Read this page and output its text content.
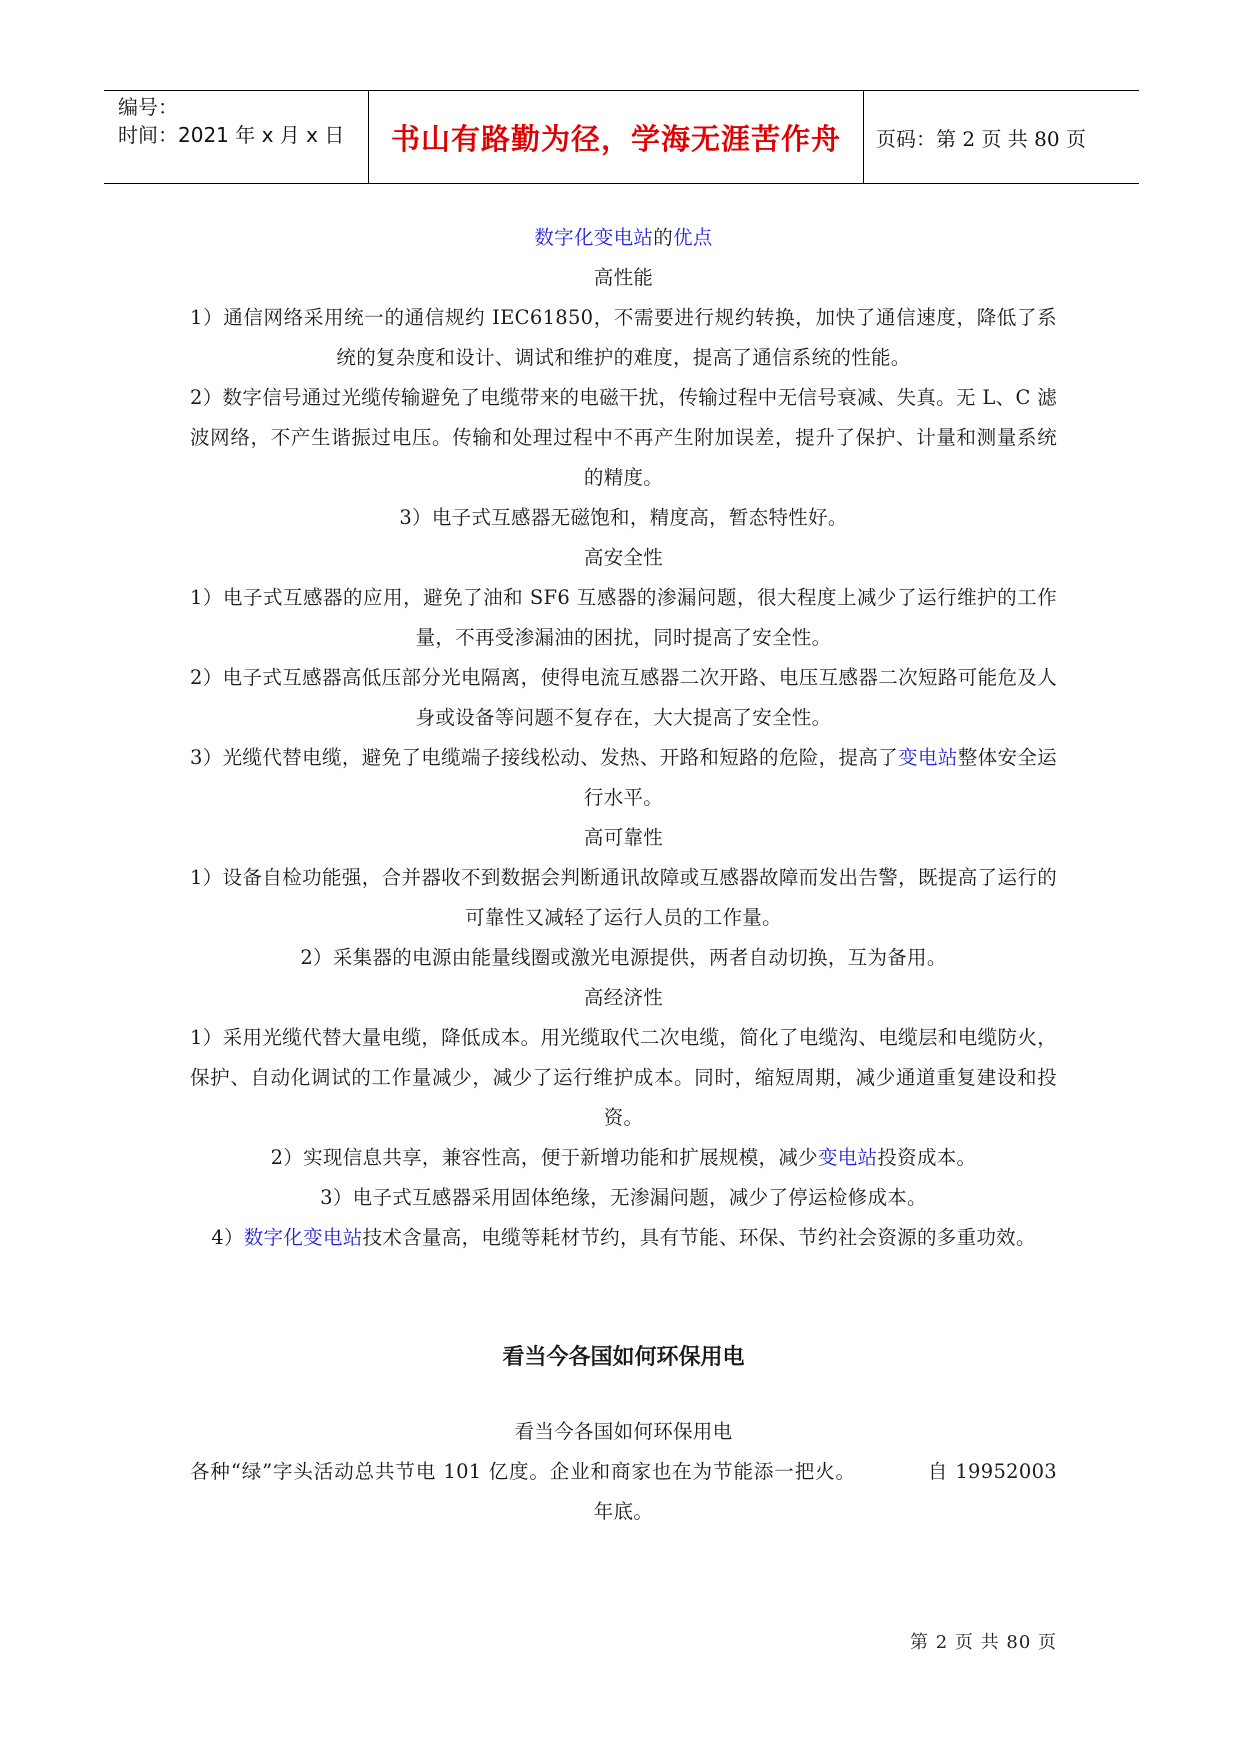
编号：
时间：2021 年 x 月 x 日	书山有路勤为径，学海无涯苦作舟 页码：第 2 页 共 80 页

数字化变电站的优点

高性能

1）通信网络采用统一的通信规约 IEC61850，不需要进行规约转换，加快了通信速度，降低了系统的复杂度和设计、调试和维护的难度，提高了通信系统的性能。

2）数字信号通过光缆传输避免了电缆带来的电磁干扰，传输过程中无信号衰减、失真。无 L、C 滤波网络，不产生谐振过电压。传输和处理过程中不再产生附加误差，提升了保护、计量和测量系统的精度。

3）电子式互感器无磁饱和，精度高，暂态特性好。

高安全性

1）电子式互感器的应用，避免了油和 SF6 互感器的渗漏问题，很大程度上减少了运行维护的工作量，不再受渗漏油的困扰，同时提高了安全性。

2）电子式互感器高低压部分光电隔离，使得电流互感器二次开路、电压互感器二次短路可能危及人身或设备等问题不复存在，大大提高了安全性。

3）光缆代替电缆，避免了电缆端子接线松动、发热、开路和短路的危险，提高了变电站整体安全运行水平。

高可靠性

1）设备自检功能强，合并器收不到数据会判断通讯故障或互感器故障而发出告警，既提高了运行的可靠性又减轻了运行人员的工作量。

2）采集器的电源由能量线圈或激光电源提供，两者自动切换，互为备用。

高经济性

1）采用光缆代替大量电缆，降低成本。用光缆取代二次电缆，简化了电缆沟、电缆层和电缆防火，保护、自动化调试的工作量减少，减少了运行维护成本。同时，缩短周期，减少通道重复建设和投资。

2）实现信息共享，兼容性高，便于新增功能和扩展规模，减少变电站投资成本。

3）电子式互感器采用固体绝缘，无渗漏问题，减少了停运检修成本。

4）数字化变电站技术含量高，电缆等耗材节约，具有节能、环保、节约社会资源的多重功效。

看当今各国如何环保用电

看当今各国如何环保用电

各种“绿”字头活动总共节电 101 亿度。企业和商家也在为节能添一把火。　　　　自 19952003 年底。

第 2 页 共 80 页
